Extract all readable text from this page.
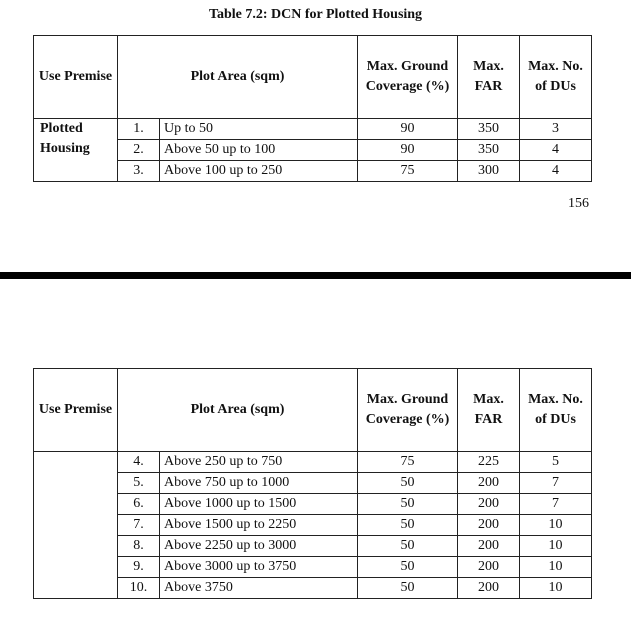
Table 7.2: DCN for Plotted Housing
Use Premise	Plot Area (sqm)		Max. Ground Coverage (%)	Max. FAR	Max. No. of DUs
Plotted Housing	1.	Up to 50	90	350	3
	2.	Above 50 up to 100	90	350	4
	3.	Above 100 up to 250	75	300	4
156
Use Premise	Plot Area (sqm)		Max. Ground Coverage (%)	Max. FAR	Max. No. of DUs
	4.	Above 250 up to 750	75	225	5
	5.	Above 750 up to 1000	50	200	7
	6.	Above 1000 up to 1500	50	200	7
	7.	Above 1500 up to 2250	50	200	10
	8.	Above 2250 up to 3000	50	200	10
	9.	Above 3000 up to 3750	50	200	10
	10.	Above 3750	50	200	10
